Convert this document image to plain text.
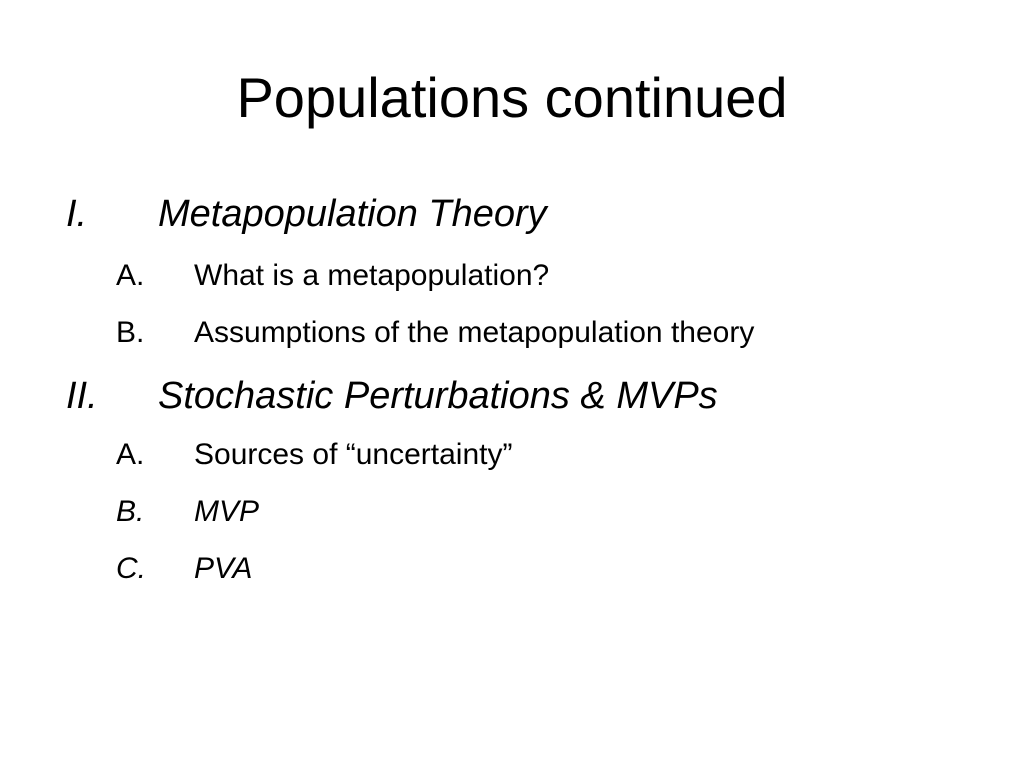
Populations continued
I. Metapopulation Theory
A. What is a metapopulation?
B. Assumptions of the metapopulation theory
II. Stochastic Perturbations & MVPs
A. Sources of “uncertainty”
B. MVP
C. PVA
